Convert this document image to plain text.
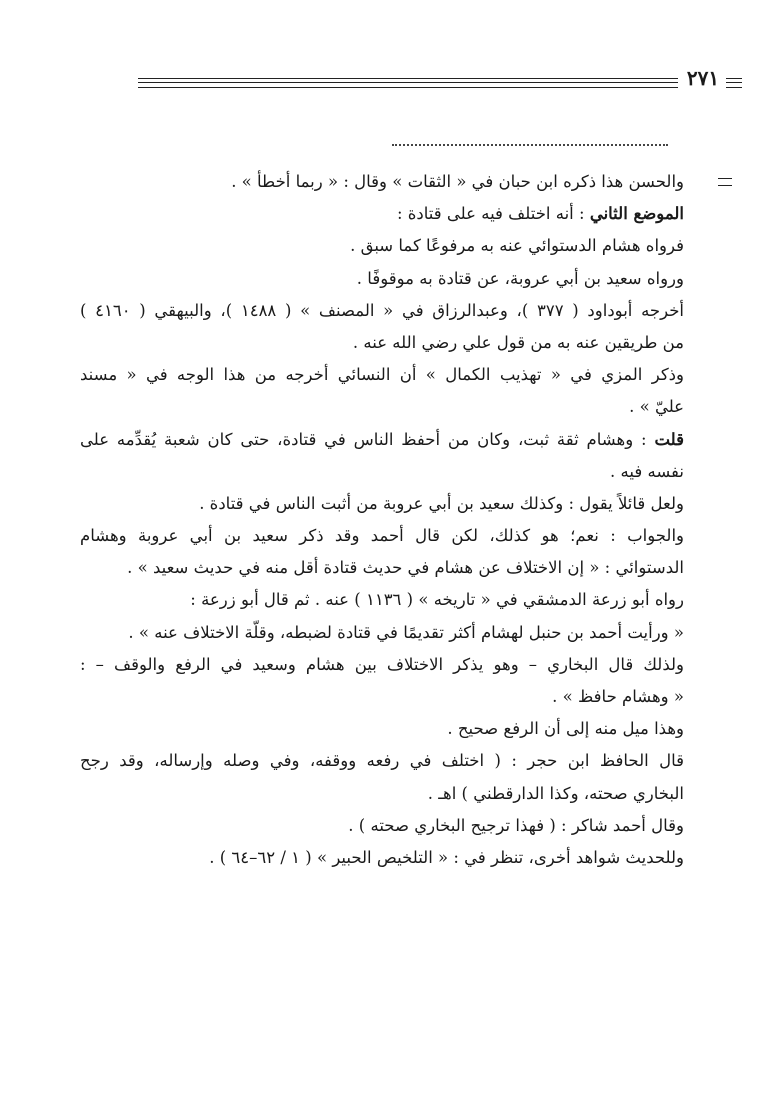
٢٧١
والحسن هذا ذكره ابن حبان في « الثقات » وقال : « ربما أخطأ » .
الموضع الثاني : أنه اختلف فيه على قتادة :
فرواه هشام الدستوائي عنه به مرفوعًا كما سبق .
ورواه سعيد بن أبي عروبة، عن قتادة به موقوفًا .
أخرجه أبوداود ( ٣٧٧ )، وعبدالرزاق في « المصنف » ( ١٤٨٨ )، والبيهقي ( ٤١٦٠ )
من طريقين عنه به من قول علي رضي الله عنه .
وذكر المزي في « تهذيب الكمال » أن النسائي أخرجه من هذا الوجه في « مسند
عليّ » .
قلت : وهشام ثقة ثبت، وكان من أحفظ الناس في قتادة، حتى كان شعبة يُقدِّمه على
نفسه فيه .
ولعل قائلاً يقول : وكذلك سعيد بن أبي عروبة من أثبت الناس في قتادة .
والجواب : نعم؛ هو كذلك، لكن قال أحمد وقد ذكر سعيد بن أبي عروبة وهشام
الدستوائي : « إن الاختلاف عن هشام في حديث قتادة أقل منه في حديث سعيد » .
رواه أبو زرعة الدمشقي في « تاريخه » ( ١١٣٦ ) عنه . ثم قال أبو زرعة :
« ورأيت أحمد بن حنبل لهشام أكثر تقديمًا في قتادة لضبطه، وقلّة الاختلاف عنه » .
ولذلك قال البخاري – وهو يذكر الاختلاف بين هشام وسعيد في الرفع والوقف – :
« وهشام حافظ » .
وهذا ميل منه إلى أن الرفع صحيح .
قال الحافظ ابن حجر : ( اختلف في رفعه ووقفه، وفي وصله وإرساله، وقد رجح
البخاري صحته، وكذا الدارقطني ) اهـ .
وقال أحمد شاكر : ( فهذا ترجيح البخاري صحته ) .
وللحديث شواهد أخرى، تنظر في : « التلخيص الحبير » ( ١ / ٦٢–٦٤ ) .
